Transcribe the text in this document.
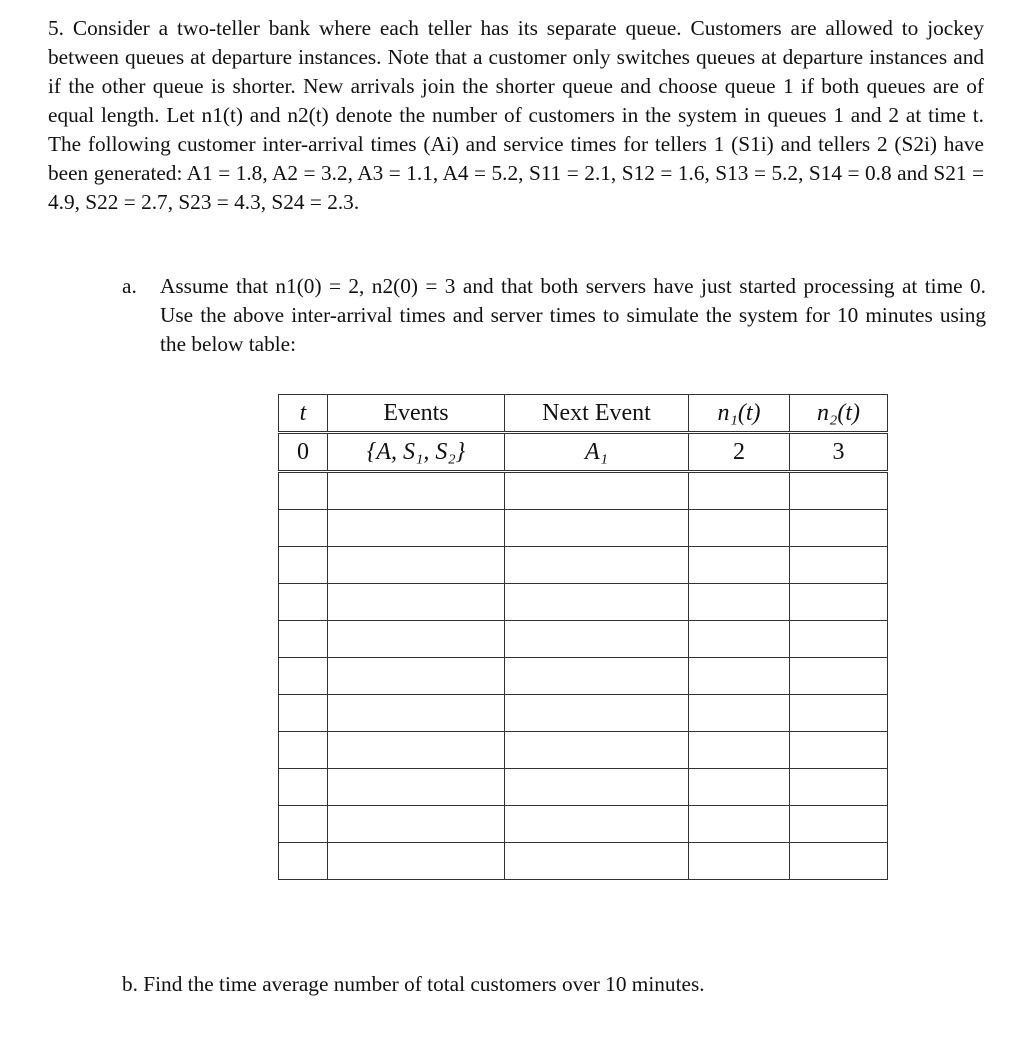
5. Consider a two-teller bank where each teller has its separate queue. Customers are allowed to jockey between queues at departure instances. Note that a customer only switches queues at departure instances and if the other queue is shorter. New arrivals join the shorter queue and choose queue 1 if both queues are of equal length. Let n1(t) and n2(t) denote the number of customers in the system in queues 1 and 2 at time t. The following customer inter-arrival times (Ai) and service times for tellers 1 (S1i) and tellers 2 (S2i) have been generated: A1 = 1.8, A2 = 3.2, A3 = 1.1, A4 = 5.2, S11 = 2.1, S12 = 1.6, S13 = 5.2, S14 = 0.8 and S21 = 4.9, S22 = 2.7, S23 = 4.3, S24 = 2.3.

a. Assume that n1(0) = 2, n2(0) = 3 and that both servers have just started processing at time 0. Use the above inter-arrival times and server times to simulate the system for 10 minutes using the below table:
t	Events	Next Event	n₁(t)	n₂(t)
0	{A, S₁, S₂}	A₁	2	3

b. Find the time average number of total customers over 10 minutes.
